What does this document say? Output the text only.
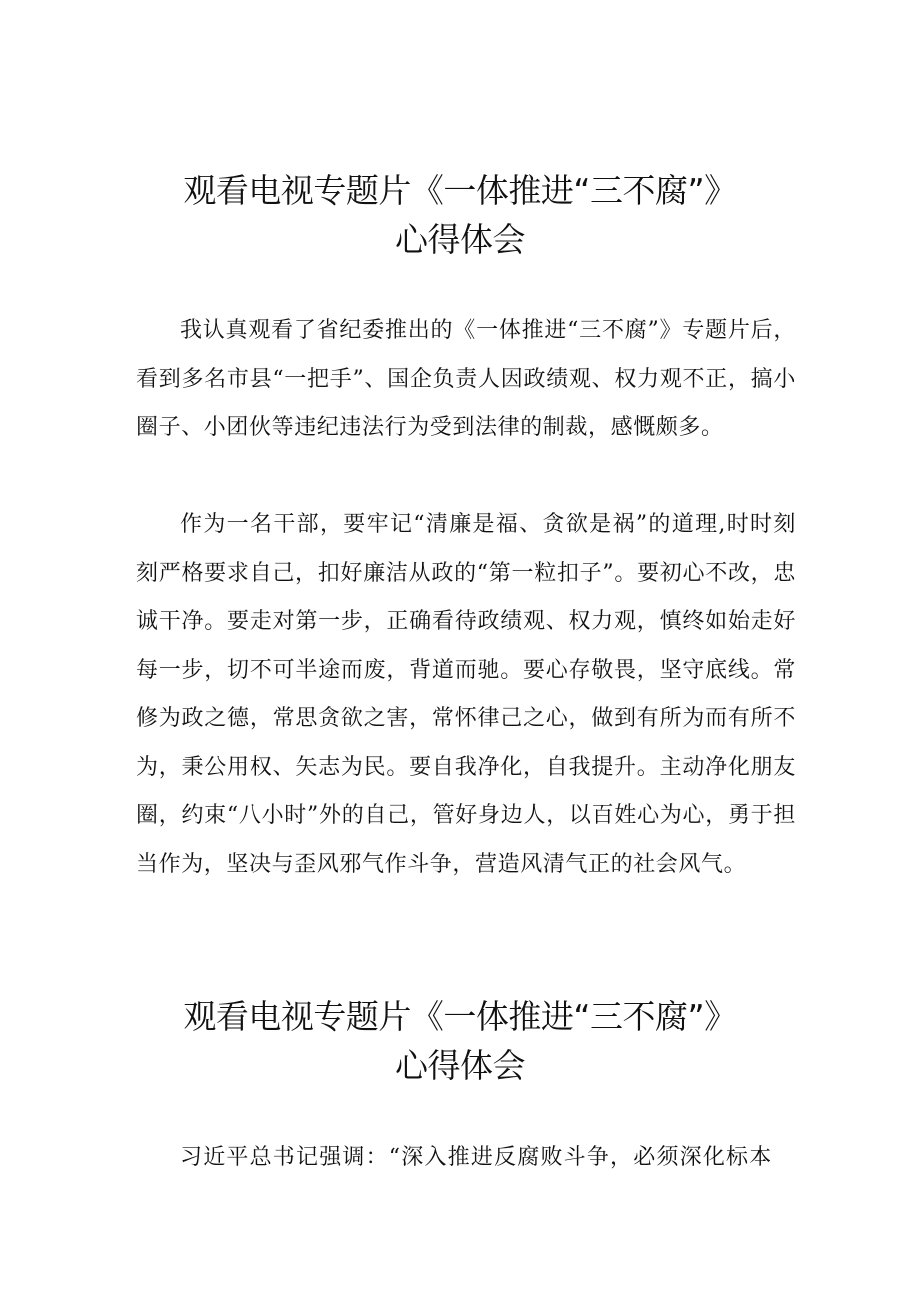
观看电视专题片《一体推进“三不腐”》
心得体会

我认真观看了省纪委推出的《一体推进“三不腐”》专题片后，看到多名市县“一把手”、国企负责人因政绩观、权力观不正，搞小圈子、小团伙等违纪违法行为受到法律的制裁，感慨颇多。

作为一名干部，要牢记“清廉是福、贪欲是祸”的道理,时时刻刻严格要求自己，扣好廉洁从政的“第一粒扣子”。要初心不改，忠诚干净。要走对第一步，正确看待政绩观、权力观，慎终如始走好每一步，切不可半途而废，背道而驰。要心存敬畏，坚守底线。常修为政之德，常思贪欲之害，常怀律己之心，做到有所为而有所不为，秉公用权、矢志为民。要自我净化，自我提升。主动净化朋友圈，约束“八小时”外的自己，管好身边人，以百姓心为心，勇于担当作为，坚决与歪风邪气作斗争，营造风清气正的社会风气。

观看电视专题片《一体推进“三不腐”》
心得体会

习近平总书记强调：“深入推进反腐败斗争，必须深化标本
